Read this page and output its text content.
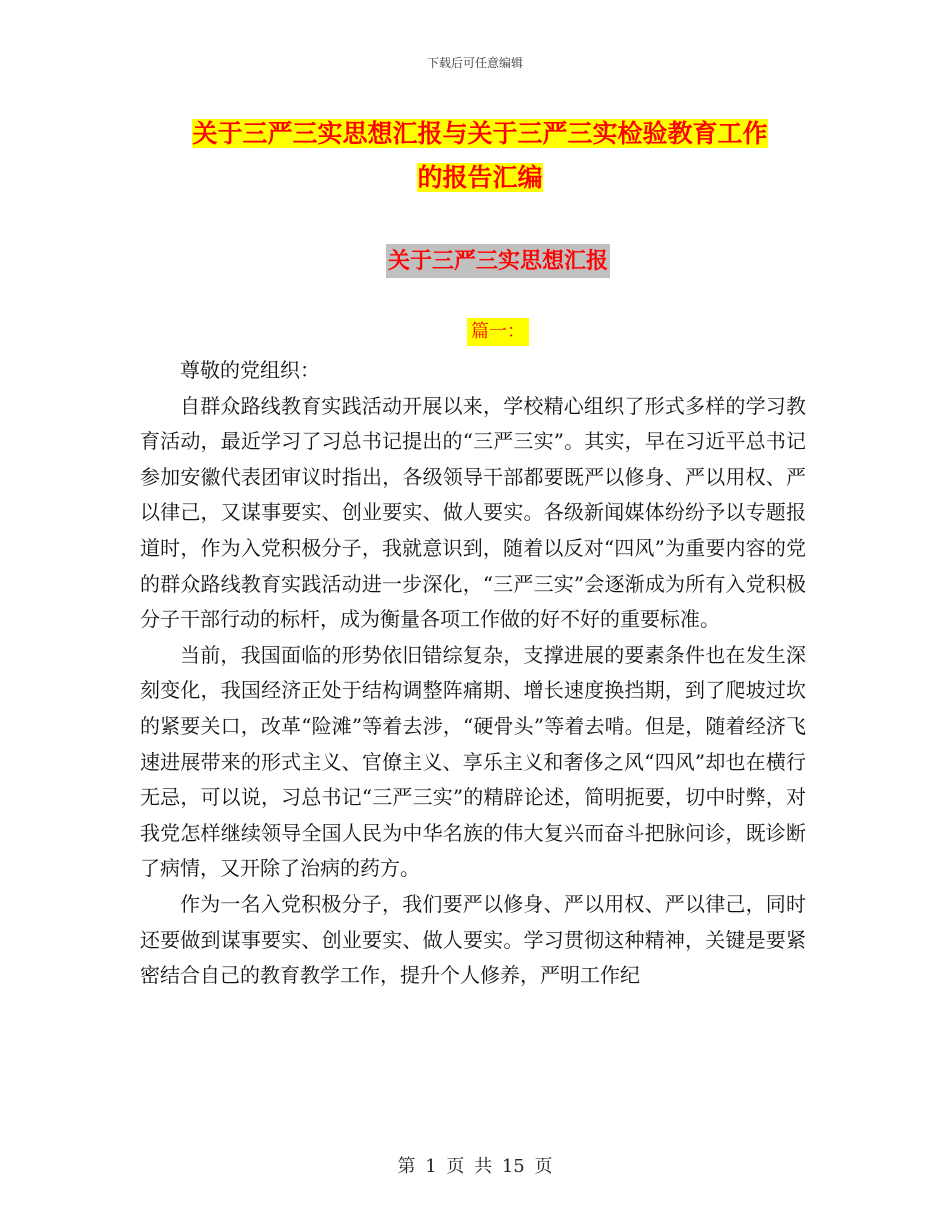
下载后可任意编辑
关于三严三实思想汇报与关于三严三实检验教育工作
的报告汇编
关于三严三实思想汇报
篇一：

尊敬的党组织：

自群众路线教育实践活动开展以来，学校精心组织了形式多样的学习教育活动，最近学习了习总书记提出的“三严三实”。其实，早在习近平总书记参加安徽代表团审议时指出，各级领导干部都要既严以修身、严以用权、严以律己，又谋事要实、创业要实、做人要实。各级新闻媒体纷纷予以专题报道时，作为入党积极分子，我就意识到，随着以反对“四风”为重要内容的党的群众路线教育实践活动进一步深化，“三严三实”会逐渐成为所有入党积极分子干部行动的标杆，成为衡量各项工作做的好不好的重要标准。

当前，我国面临的形势依旧错综复杂，支撑进展的要素条件也在发生深刻变化，我国经济正处于结构调整阵痛期、增长速度换挡期，到了爬坡过坎的紧要关口，改革“险滩”等着去涉，“硬骨头”等着去啃。但是，随着经济飞速进展带来的形式主义、官僚主义、享乐主义和奢侈之风“四风”却也在横行无忌，可以说，习总书记“三严三实”的精辟论述，简明扼要，切中时弊，对我党怎样继续领导全国人民为中华名族的伟大复兴而奋斗把脉问诊，既诊断了病情，又开除了治病的药方。

作为一名入党积极分子，我们要严以修身、严以用权、严以律己，同时还要做到谋事要实、创业要实、做人要实。学习贯彻这种精神，关键是要紧密结合自己的教育教学工作，提升个人修养，严明工作纪

第 1 页 共 15 页
